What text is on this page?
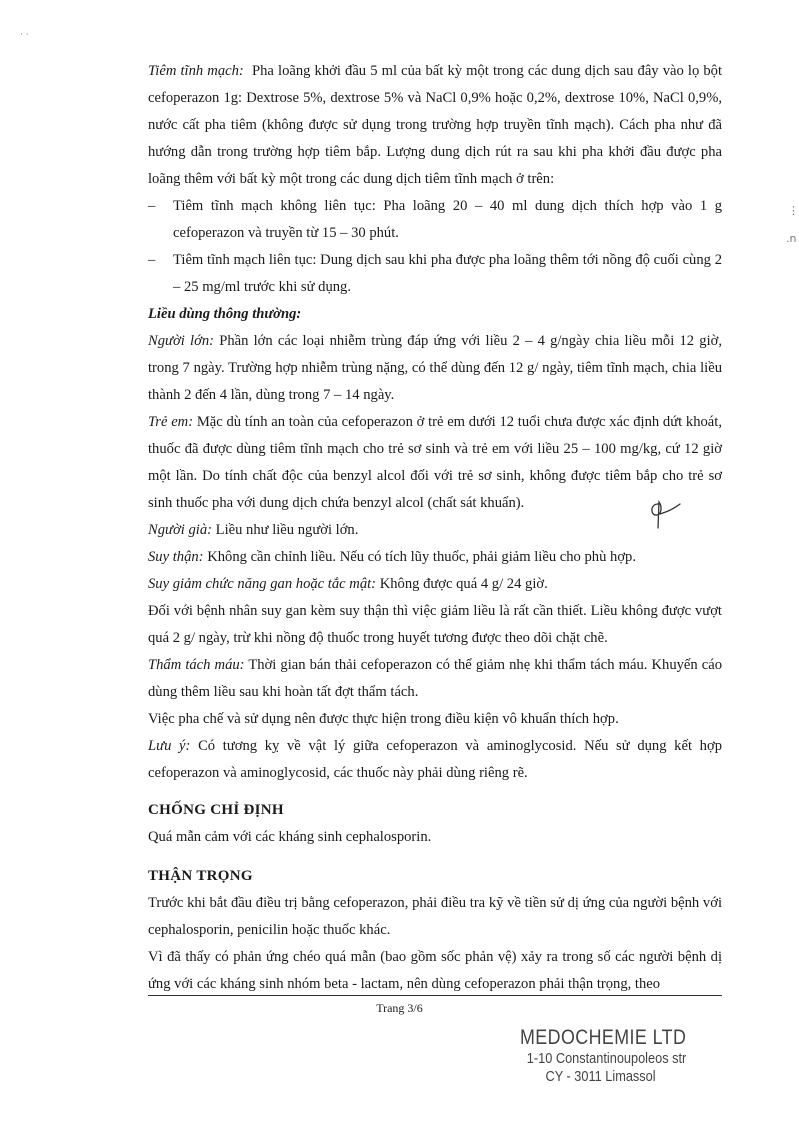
Tiêm tĩnh mạch: Pha loãng khởi đầu 5 ml của bất kỳ một trong các dung dịch sau đây vào lọ bột cefoperazon 1g: Dextrose 5%, dextrose 5% và NaCl 0,9% hoặc 0,2%, dextrose 10%, NaCl 0,9%, nước cất pha tiêm (không được sử dụng trong trường hợp truyền tĩnh mạch). Cách pha như đã hướng dẫn trong trường hợp tiêm bắp. Lượng dung dịch rút ra sau khi pha khởi đầu được pha loãng thêm với bất kỳ một trong các dung dịch tiêm tĩnh mạch ở trên:

–	Tiêm tĩnh mạch không liên tục: Pha loãng 20 – 40 ml dung dịch thích hợp vào 1 g cefoperazon và truyền từ 15 – 30 phút.
–	Tiêm tĩnh mạch liên tục: Dung dịch sau khi pha được pha loãng thêm tới nồng độ cuối cùng 2 – 25 mg/ml trước khi sử dụng.

Liều dùng thông thường:

Người lớn: Phần lớn các loại nhiễm trùng đáp ứng với liều 2 – 4 g/ngày chia liều mỗi 12 giờ, trong 7 ngày. Trường hợp nhiễm trùng nặng, có thể dùng đến 12 g/ ngày, tiêm tĩnh mạch, chia liều thành 2 đến 4 lần, dùng trong 7 – 14 ngày.

Trẻ em: Mặc dù tính an toàn của cefoperazon ở trẻ em dưới 12 tuổi chưa được xác định dứt khoát, thuốc đã được dùng tiêm tĩnh mạch cho trẻ sơ sinh và trẻ em với liều 25 – 100 mg/kg, cứ 12 giờ một lần. Do tính chất độc của benzyl alcol đối với trẻ sơ sinh, không được tiêm bắp cho trẻ sơ sinh thuốc pha với dung dịch chứa benzyl alcol (chất sát khuẩn).

Người già: Liều như liều người lớn.

Suy thận: Không cần chỉnh liều. Nếu có tích lũy thuốc, phải giảm liều cho phù hợp.

Suy giảm chức năng gan hoặc tắc mật: Không được quá 4 g/ 24 giờ.

Đối với bệnh nhân suy gan kèm suy thận thì việc giảm liều là rất cần thiết. Liều không được vượt quá 2 g/ ngày, trừ khi nồng độ thuốc trong huyết tương được theo dõi chặt chẽ.

Thẩm tách máu: Thời gian bán thải cefoperazon có thể giảm nhẹ khi thẩm tách máu. Khuyến cáo dùng thêm liều sau khi hoàn tất đợt thẩm tách.

Việc pha chế và sử dụng nên được thực hiện trong điều kiện vô khuẩn thích hợp.

Lưu ý: Có tương kỵ về vật lý giữa cefoperazon và aminoglycosid. Nếu sử dụng kết hợp cefoperazon và aminoglycosid, các thuốc này phải dùng riêng rẽ.

CHỐNG CHỈ ĐỊNH

Quá mẫn cảm với các kháng sinh cephalosporin.

THẬN TRỌNG

Trước khi bắt đầu điều trị bằng cefoperazon, phải điều tra kỹ về tiền sử dị ứng của người bệnh với cephalosporin, penicilin hoặc thuốc khác.

Vì đã thấy có phản ứng chéo quá mẫn (bao gồm sốc phản vệ) xảy ra trong số các người bệnh dị ứng với các kháng sinh nhóm beta - lactam, nên dùng cefoperazon phải thận trọng, theo

⋮
.n
· ·
Trang 3/6
MEDOCHEMIE LTD
1-10 Constantinoupoleos str
CY - 3011 Limassol
